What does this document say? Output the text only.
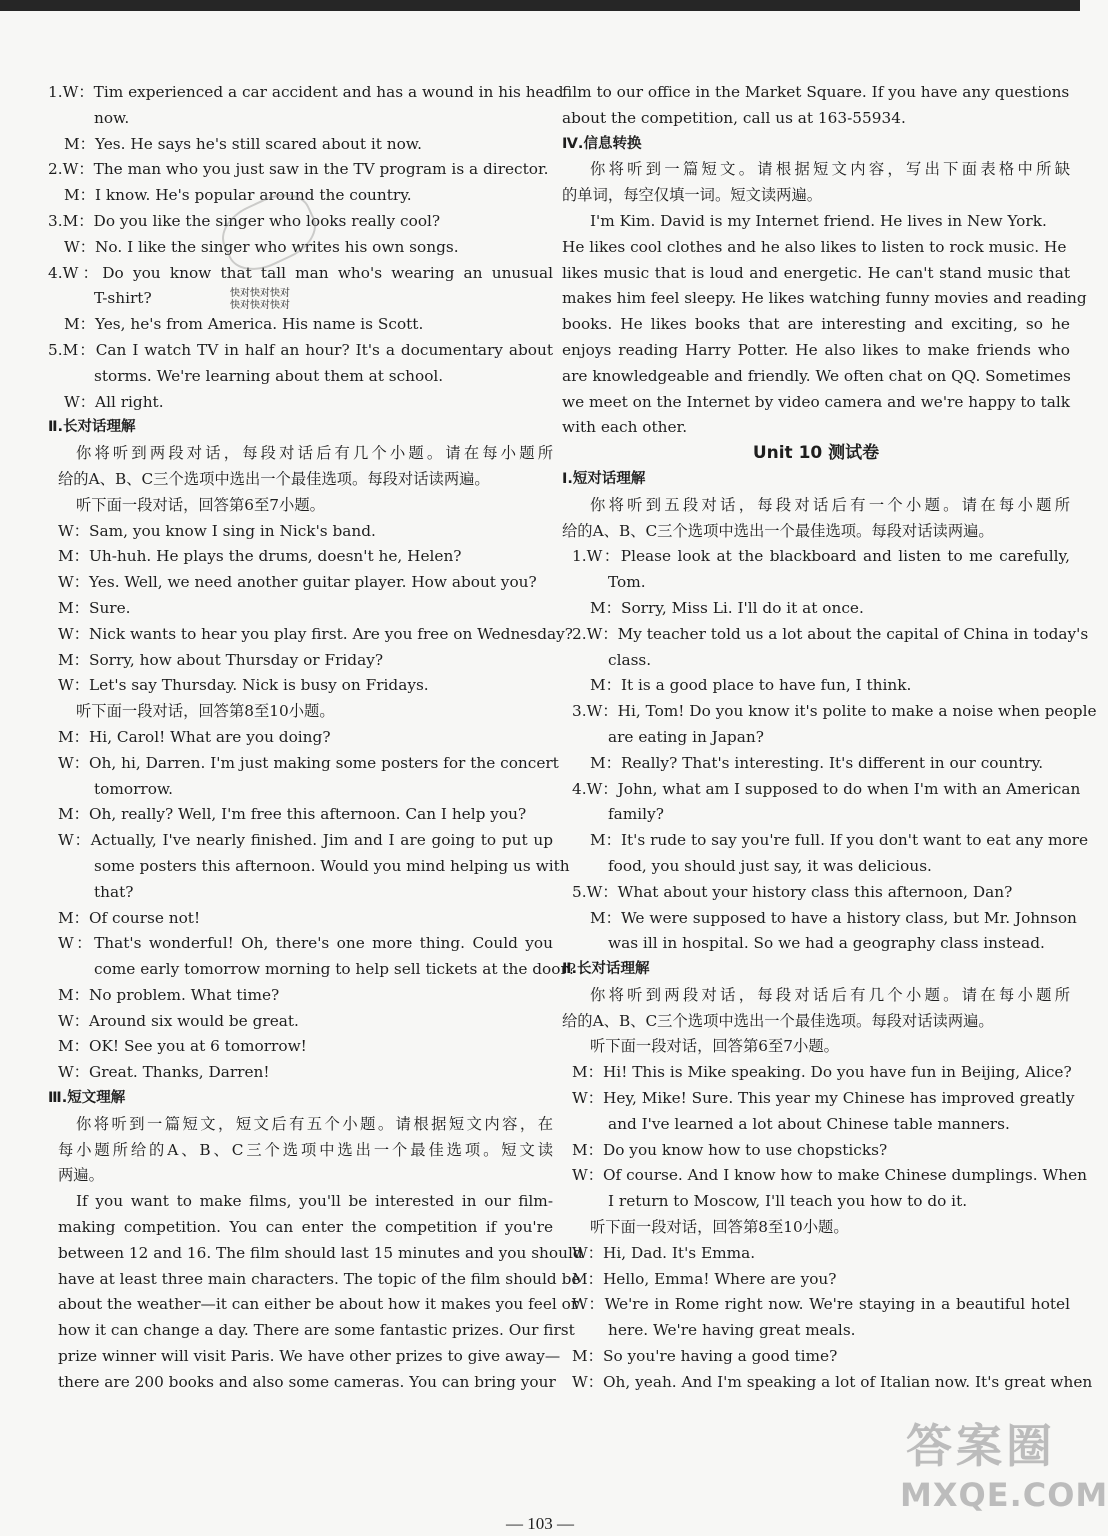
1.W：Tim experienced a car accident and has a wound in his head
now.
M：Yes. He says he's still scared about it now.
2.W：The man who you just saw in the TV program is a director.
M：I know. He's popular around the country.
3.M：Do you like the singer who looks really cool?
W：No. I like the singer who writes his own songs.
4.W：Do you know that tall man who's wearing an unusual
T-shirt?
M：Yes, he's from America. His name is Scott.
5.M：Can I watch TV in half an hour? It's a documentary about
storms. We're learning about them at school.
W：All right.
Ⅱ.长对话理解
你将听到两段对话，每段对话后有几个小题。请在每小题所
给的A、B、C三个选项中选出一个最佳选项。每段对话读两遍。
听下面一段对话，回答第6至7小题。
W：Sam, you know I sing in Nick's band.
M：Uh-huh. He plays the drums, doesn't he, Helen?
W：Yes. Well, we need another guitar player. How about you?
M：Sure.
W：Nick wants to hear you play first. Are you free on Wednesday?
M：Sorry, how about Thursday or Friday?
W：Let's say Thursday. Nick is busy on Fridays.
听下面一段对话，回答第8至10小题。
M：Hi, Carol! What are you doing?
W：Oh, hi, Darren. I'm just making some posters for the concert
tomorrow.
M：Oh, really? Well, I'm free this afternoon. Can I help you?
W：Actually, I've nearly finished. Jim and I are going to put up
some posters this afternoon. Would you mind helping us with
that?
M：Of course not!
W：That's wonderful! Oh, there's one more thing. Could you
come early tomorrow morning to help sell tickets at the door?
M：No problem. What time?
W：Around six would be great.
M：OK! See you at 6 tomorrow!
W：Great. Thanks, Darren!
Ⅲ.短文理解
你将听到一篇短文，短文后有五个小题。请根据短文内容，在
每小题所给的A、B、C三个选项中选出一个最佳选项。短文读
两遍。
If you want to make films, you'll be interested in our film-
making competition. You can enter the competition if you're
between 12 and 16. The film should last 15 minutes and you should
have at least three main characters. The topic of the film should be
about the weather—it can either be about how it makes you feel or
how it can change a day. There are some fantastic prizes. Our first
prize winner will visit Paris. We have other prizes to give away—
there are 200 books and also some cameras. You can bring your
film to our office in the Market Square. If you have any questions
about the competition, call us at 163-55934.
Ⅳ.信息转换
你将听到一篇短文。请根据短文内容，写出下面表格中所缺
的单词，每空仅填一词。短文读两遍。
I'm Kim. David is my Internet friend. He lives in New York.
He likes cool clothes and he also likes to listen to rock music. He
likes music that is loud and energetic. He can't stand music that
makes him feel sleepy. He likes watching funny movies and reading
books. He likes books that are interesting and exciting, so he
enjoys reading Harry Potter. He also likes to make friends who
are knowledgeable and friendly. We often chat on QQ. Sometimes
we meet on the Internet by video camera and we're happy to talk
with each other.
Unit 10 测试卷
Ⅰ.短对话理解
你将听到五段对话，每段对话后有一个小题。请在每小题所
给的A、B、C三个选项中选出一个最佳选项。每段对话读两遍。
1.W：Please look at the blackboard and listen to me carefully,
Tom.
M：Sorry, Miss Li. I'll do it at once.
2.W：My teacher told us a lot about the capital of China in today's
class.
M：It is a good place to have fun, I think.
3.W：Hi, Tom! Do you know it's polite to make a noise when people
are eating in Japan?
M：Really? That's interesting. It's different in our country.
4.W：John, what am I supposed to do when I'm with an American
family?
M：It's rude to say you're full. If you don't want to eat any more
food, you should just say, it was delicious.
5.W：What about your history class this afternoon, Dan?
M：We were supposed to have a history class, but Mr. Johnson
was ill in hospital. So we had a geography class instead.
Ⅱ.长对话理解
你将听到两段对话，每段对话后有几个小题。请在每小题所
给的A、B、C三个选项中选出一个最佳选项。每段对话读两遍。
听下面一段对话，回答第6至7小题。
M：Hi! This is Mike speaking. Do you have fun in Beijing, Alice?
W：Hey, Mike! Sure. This year my Chinese has improved greatly
and I've learned a lot about Chinese table manners.
M：Do you know how to use chopsticks?
W：Of course. And I know how to make Chinese dumplings. When
I return to Moscow, I'll teach you how to do it.
听下面一段对话，回答第8至10小题。
W：Hi, Dad. It's Emma.
M：Hello, Emma! Where are you?
W：We're in Rome right now. We're staying in a beautiful hotel
here. We're having great meals.
M：So you're having a good time?
W：Oh, yeah. And I'm speaking a lot of Italian now. It's great when
快对快对快对
快对快对快对
答案圈
MXQE.COM
— 103 —
